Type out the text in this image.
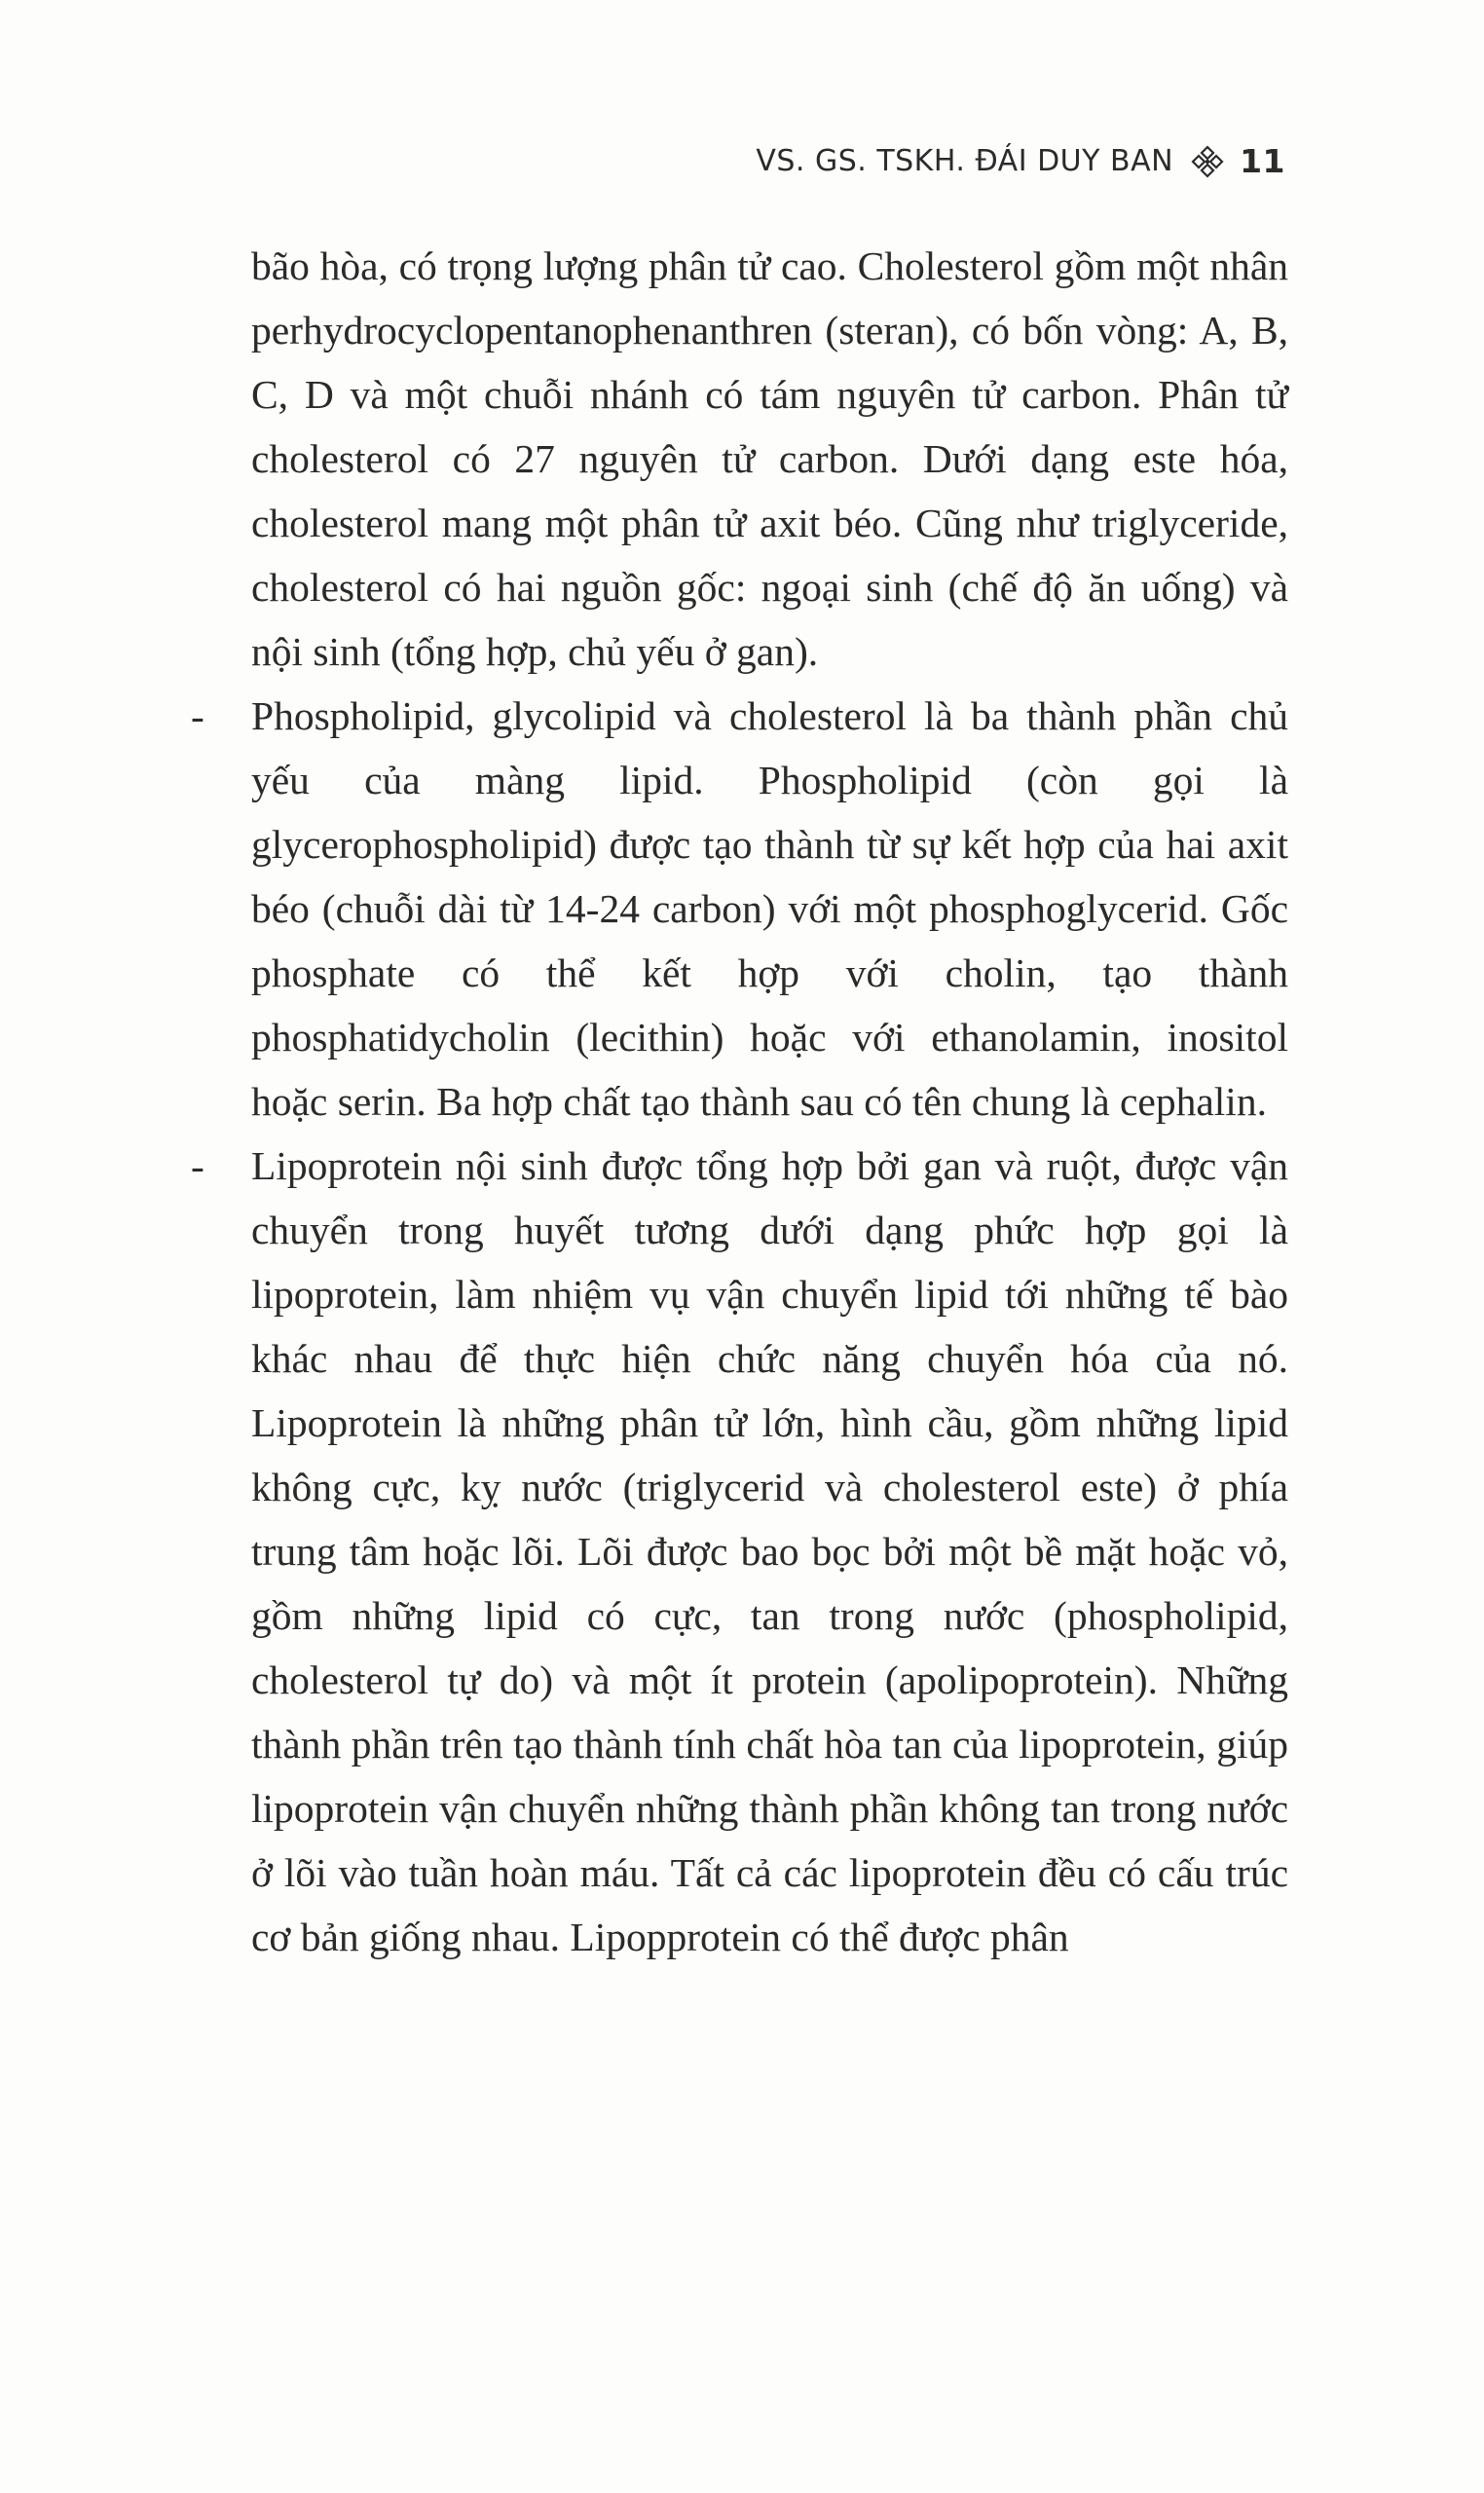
VS. GS. TSKH. ĐÁI DUY BAN 11

bão hòa, có trọng lượng phân tử cao. Cholesterol gồm một nhân perhydrocyclopentanophenanthren (steran), có bốn vòng: A, B, C, D và một chuỗi nhánh có tám nguyên tử carbon. Phân tử cholesterol có 27 nguyên tử carbon. Dưới dạng este hóa, cholesterol mang một phân tử axit béo. Cũng như triglyceride, cholesterol có hai nguồn gốc: ngoại sinh (chế độ ăn uống) và nội sinh (tổng hợp, chủ yếu ở gan).

- Phospholipid, glycolipid và cholesterol là ba thành phần chủ yếu của màng lipid. Phospholipid (còn gọi là glycerophospholipid) được tạo thành từ sự kết hợp của hai axit béo (chuỗi dài từ 14-24 carbon) với một phosphoglycerid. Gốc phosphate có thể kết hợp với cholin, tạo thành phosphatidycholin (lecithin) hoặc với ethanolamin, inositol hoặc serin. Ba hợp chất tạo thành sau có tên chung là cephalin.

- Lipoprotein nội sinh được tổng hợp bởi gan và ruột, được vận chuyển trong huyết tương dưới dạng phức hợp gọi là lipoprotein, làm nhiệm vụ vận chuyển lipid tới những tế bào khác nhau để thực hiện chức năng chuyển hóa của nó. Lipoprotein là những phân tử lớn, hình cầu, gồm những lipid không cực, kỵ nước (triglycerid và cholesterol este) ở phía trung tâm hoặc lõi. Lõi được bao bọc bởi một bề mặt hoặc vỏ, gồm những lipid có cực, tan trong nước (phospholipid, cholesterol tự do) và một ít protein (apolipoprotein). Những thành phần trên tạo thành tính chất hòa tan của lipoprotein, giúp lipoprotein vận chuyển những thành phần không tan trong nước ở lõi vào tuần hoàn máu. Tất cả các lipoprotein đều có cấu trúc cơ bản giống nhau. Lipopprotein có thể được phân
